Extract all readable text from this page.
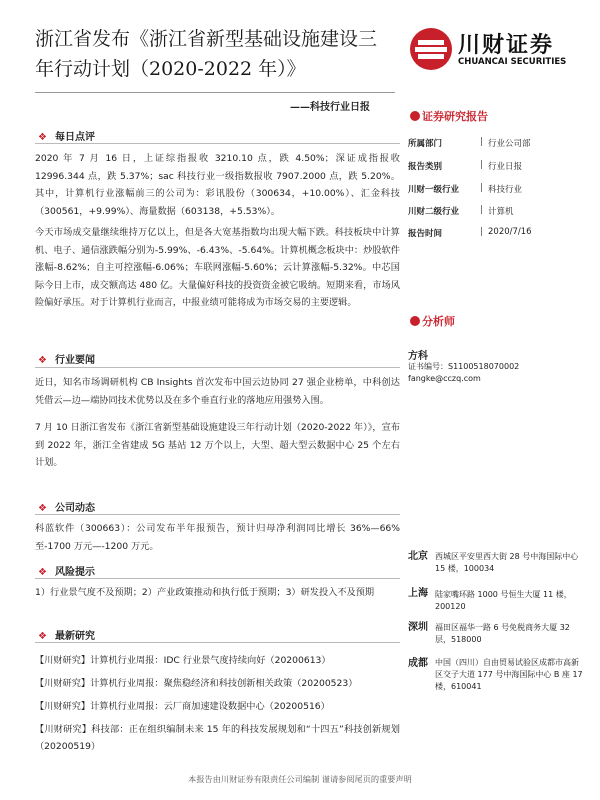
浙江省发布《浙江省新型基础设施建设三
年行动计划（2020-2022 年）》
川财证券
CHUANCAI SECURITIES
——科技行业日报
❖ 每日点评

2020 年 7 月 16 日，上证综指报收 3210.10 点，跌 4.50%；深证成指报收 12996.344 点，跌 5.37%；sac 科技行业一级指数报收 7907.2000 点，跌 5.20%。其中，计算机行业涨幅前三的公司为：彩讯股份（300634，+10.00%）、汇金科技（300561，+9.99%）、海量数据（603138，+5.53%）。

今天市场成交量继续维持万亿以上，但是各大宽基指数均出现大幅下跌。科技板块中计算机、电子、通信涨跌幅分别为-5.99%、-6.43%、-5.64%。计算机概念板块中：炒股软件涨幅-8.62%；自主可控涨幅-6.06%；车联网涨幅-5.60%；云计算涨幅-5.32%。中芯国际今日上市，成交额高达 480 亿。大量偏好科技的投资资金被它吸纳。短期来看，市场风险偏好承压。对于计算机行业而言，中报业绩可能将成为市场交易的主要逻辑。

❖ 行业要闻

近日，知名市场调研机构 CB Insights 首次发布中国云边协同 27 强企业榜单，中科创达凭借云—边—端协同技术优势以及在多个垂直行业的落地应用强势入围。

7 月 10 日浙江省发布《浙江省新型基础设施建设三年行动计划（2020-2022 年）》，宣布到 2022 年，浙江全省建成 5G 基站 12 万个以上，大型、超大型云数据中心 25 个左右计划。

❖ 公司动态

科蓝软件（300663）：公司发布半年报预告，预计归母净利润同比增长 36%—66%至-1700 万元—-1200 万元。

❖ 风险提示

1）行业景气度不及预期；2）产业政策推动和执行低于预期；3）研发投入不及预期

❖ 最新研究

【川财研究】计算机行业周报：IDC 行业景气度持续向好（20200613）

【川财研究】计算机行业周报：聚焦稳经济和科技创新相关政策（20200523）

【川财研究】计算机行业周报：云厂商加速建设数据中心（20200516）

【川财研究】科技部：正在组织编制未来 15 年的科技发展规划和“十四五”科技创新规划（20200519）

证券研究报告
所属部门	| 行业公司部
报告类别	| 行业日报
川财一级行业 | 科技行业
川财二级行业 | 计算机
报告时间	| 2020/7/16
分析师
方科
证书编号：S1100518070002
fangke@cczq.com
北京 西城区平安里西大街 28 号中海国际中心 15 楼，100034
上海 陆家嘴环路 1000 号恒生大厦 11 楼，200120
深圳 福田区福华一路 6 号免税商务大厦 32 层，518000
成都 中国（四川）自由贸易试验区成都市高新区交子大道 177 号中海国际中心 B 座 17 楼，610041
本报告由川财证券有限责任公司编制 谨请参阅尾页的重要声明
